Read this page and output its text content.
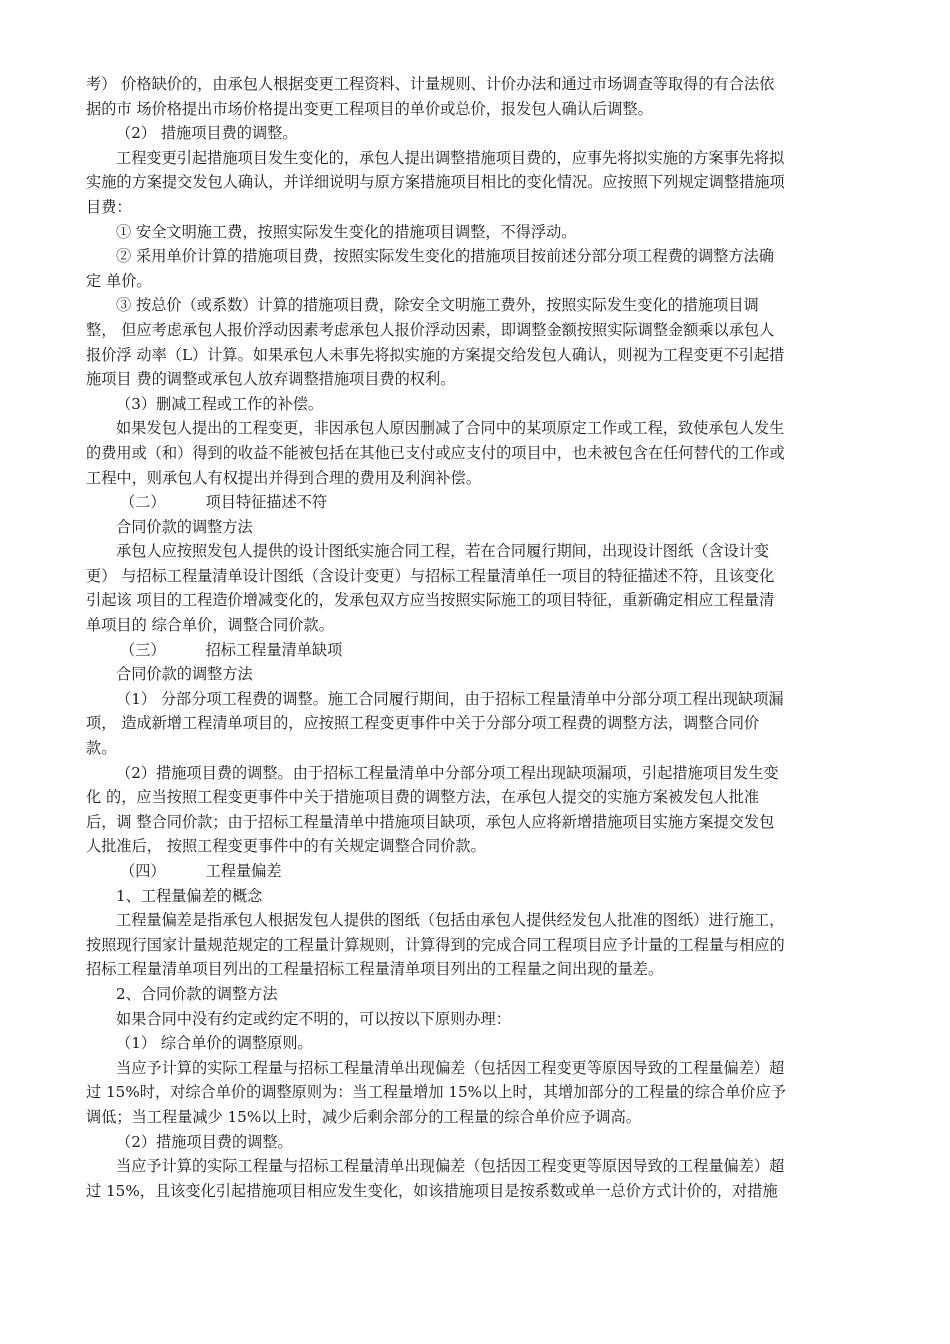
考） 价格缺价的，由承包人根据变更工程资料、计量规则、计价办法和通过市场调查等取得的有合法依
据的市 场价格提出市场价格提出变更工程项目的单价或总价，报发包人确认后调整。
（2） 措施项目费的调整。
工程变更引起措施项目发生变化的，承包人提出调整措施项目费的，应事先将拟实施的方案事先将拟
实施的方案提交发包人确认，并详细说明与原方案措施项目相比的变化情况。应按照下列规定调整措施项
目费：
① 安全文明施工费，按照实际发生变化的措施项目调整，不得浮动。
② 采用单价计算的措施项目费，按照实际发生变化的措施项目按前述分部分项工程费的调整方法确
定 单价。
③ 按总价（或系数）计算的措施项目费，除安全文明施工费外，按照实际发生变化的措施项目调
整， 但应考虑承包人报价浮动因素考虑承包人报价浮动因素，即调整金额按照实际调整金额乘以承包人
报价浮 动率（L）计算。如果承包人未事先将拟实施的方案提交给发包人确认，则视为工程变更不引起措
施项目 费的调整或承包人放弃调整措施项目费的权利。
（3）删减工程或工作的补偿。
如果发包人提出的工程变更，非因承包人原因删减了合同中的某项原定工作或工程，致使承包人发生
的费用或（和）得到的收益不能被包括在其他已支付或应支付的项目中，也未被包含在任何替代的工作或
工程中，则承包人有权提出并得到合理的费用及利润补偿。
（二）	项目特征描述不符
合同价款的调整方法
承包人应按照发包人提供的设计图纸实施合同工程，若在合同履行期间，出现设计图纸（含设计变
更） 与招标工程量清单设计图纸（含设计变更）与招标工程量清单任一项目的特征描述不符，且该变化
引起该 项目的工程造价增减变化的，发承包双方应当按照实际施工的项目特征，重新确定相应工程量清
单项目的 综合单价，调整合同价款。
（三）	招标工程量清单缺项
合同价款的调整方法
（1） 分部分项工程费的调整。施工合同履行期间，由于招标工程量清单中分部分项工程出现缺项漏
项， 造成新增工程清单项目的，应按照工程变更事件中关于分部分项工程费的调整方法，调整合同价
款。
（2）措施项目费的调整。由于招标工程量清单中分部分项工程出现缺项漏项，引起措施项目发生变
化 的，应当按照工程变更事件中关于措施项目费的调整方法，在承包人提交的实施方案被发包人批准
后，调 整合同价款；由于招标工程量清单中措施项目缺项，承包人应将新增措施项目实施方案提交发包
人批准后， 按照工程变更事件中的有关规定调整合同价款。
（四）	工程量偏差
1、工程量偏差的概念
工程量偏差是指承包人根据发包人提供的图纸（包括由承包人提供经发包人批准的图纸）进行施工，
按照现行国家计量规范规定的工程量计算规则，计算得到的完成合同工程项目应予计量的工程量与相应的
招标工程量清单项目列出的工程量招标工程量清单项目列出的工程量之间出现的量差。
2、合同价款的调整方法
如果合同中没有约定或约定不明的，可以按以下原则办理：
（1） 综合单价的调整原则。
当应予计算的实际工程量与招标工程量清单出现偏差（包括因工程变更等原因导致的工程量偏差）超
过 15%时，对综合单价的调整原则为：当工程量增加 15%以上时，其增加部分的工程量的综合单价应予
调低；当工程量减少 15%以上时，减少后剩余部分的工程量的综合单价应予调高。
（2）措施项目费的调整。
当应予计算的实际工程量与招标工程量清单出现偏差（包括因工程变更等原因导致的工程量偏差）超
过 15%，且该变化引起措施项目相应发生变化，如该措施项目是按系数或单一总价方式计价的，对措施
